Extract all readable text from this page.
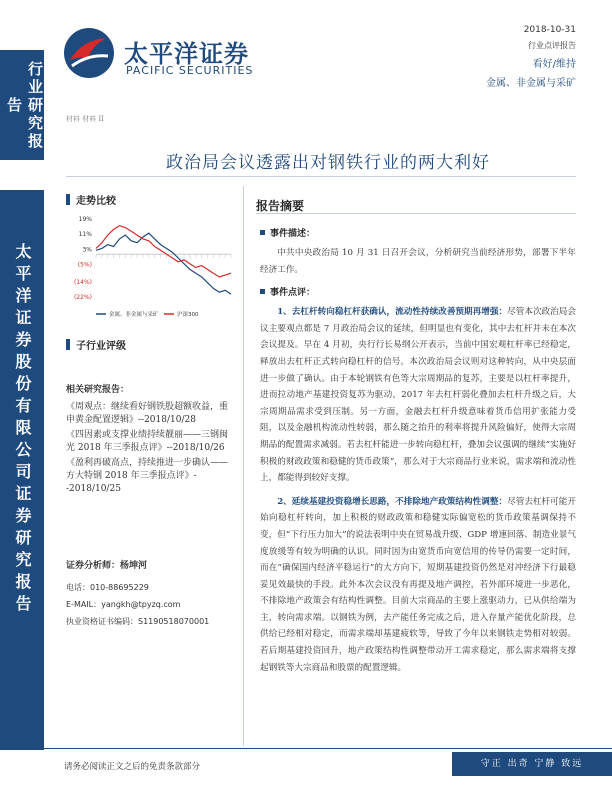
行业研究报告
太平洋证券股份有限公司证券研究报告
太平洋证券
PACIFIC SECURITIES
2018-10-31
行业点评报告
看好/维持
金属、非金属与采矿
材料 材料 II
政治局会议透露出对钢铁行业的两大利好
走势比较
19%
11%
3%
(5%)
(14%)
(22%)
金属、非金属与采矿	沪深300
子行业评级
相关研究报告：
《周观点：继续看好钢铁股超额收益，重申黄金配置逻辑》--2018/10/28
《四因素或支撑业绩持续靓丽——三钢闽光 2018 年三季报点评》--2018/10/26
《盈利再破高点，持续推进一步确认——方大特钢 2018 年三季报点评》--2018/10/25
证券分析师：杨坤河
电话：010-88695229
E-MAIL：yangkh@tpyzq.com
执业资格证书编码：S1190518070001
报告摘要
事件描述：
中共中央政治局 10 月 31 日召开会议，分析研究当前经济形势，部署下半年经济工作。
事件点评：
1、去杠杆转向稳杠杆获确认，流动性持续改善预期再增强：尽管本次政治局会议主要观点都是 7 月政治局会议的延续，但明显也有变化，其中去杠杆并未在本次会议提及。早在 4 月初，央行行长易纲公开表示，当前中国宏观杠杆率已经稳定，释放出去杠杆正式转向稳杠杆的信号。本次政治局会议则对这种转向，从中央层面进一步做了确认。由于本轮钢铁有色等大宗周期品的复苏，主要是以杠杆率提升，进而拉动地产基建投资复苏为驱动，2017 年去杠杆弱化叠加去杠杆升级之后，大宗周期品需求受到压制。另一方面，金融去杠杆升级意味着货币信用扩张能力受阻，以及金融机构流动性转弱，那么随之抬升的利率将提升风险偏好，使得大宗周期品的配置需求减弱。若去杠杆能进一步转向稳杠杆，叠加会议强调的继续“实施好积极的财政政策和稳健的货币政策”，那么对于大宗商品行业来说，需求端和流动性上，都能得到较好支撑。
2、延续基建投资稳增长思路，不排除地产政策结构性调整：尽管去杠杆可能开始向稳杠杆转向，加上积极的财政政策和稳健实际偏宽松的货币政策基调保持不变，但“下行压力加大”的说法表明中央在贸易战升级、GDP 增速回落、制造业景气度放缓等有较为明确的认识。同时因为由宽货币向宽信用的传导仍需要一定时间，而在“确保国内经济平稳运行”的大方向下，短期基建投资仍然是对冲经济下行最稳妥见效最快的手段。此外本次会议没有再提及地产调控，若外部环境进一步恶化，不排除地产政策会有结构性调整。目前大宗商品的主要上涨驱动力，已从供给端为主，转向需求端。以钢铁为例，去产能任务完成之后，进入存量产能优化阶段，总供给已经相对稳定，而需求端却基建疲软等，导致了今年以来钢铁走势相对较弱。若后期基建投资回升，地产政策结构性调整带动开工需求稳定，那么需求端将支撑起钢铁等大宗商品和股票的配置逻辑。
请务必阅读正文之后的免责条款部分	守正 出奇 宁静 致远
